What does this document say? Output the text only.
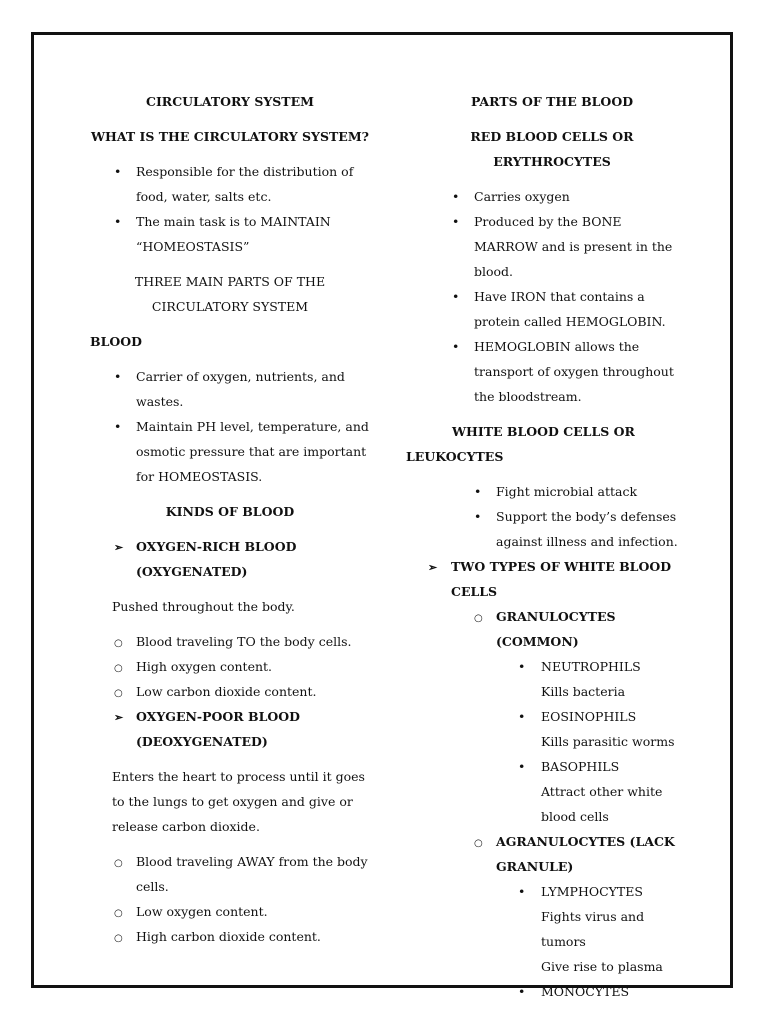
CIRCULATORY SYSTEM
WHAT IS THE CIRCULATORY SYSTEM?
•
Responsible for the distribution of food, water, salts etc.
•
The main task is to MAINTAIN “HOMEOSTASIS”
THREE MAIN PARTS OF THE CIRCULATORY SYSTEM
BLOOD
•
Carrier of oxygen, nutrients, and wastes.
•
Maintain PH level, temperature, and osmotic pressure that are important for HOMEOSTASIS.
KINDS OF BLOOD
➢
OXYGEN-RICH BLOOD (OXYGENATED)
Pushed throughout the body.
○
Blood traveling TO the body cells.
○
High oxygen content.
○
Low carbon dioxide content.
➢
OXYGEN-POOR BLOOD (DEOXYGENATED)
Enters the heart to process until it goes to the lungs to get oxygen and give or release carbon dioxide.
○
Blood traveling AWAY from the body cells.
○
Low oxygen content.
○
High carbon dioxide content.
PARTS OF THE BLOOD
RED BLOOD CELLS OR ERYTHROCYTES
•
Carries oxygen
•
Produced by the BONE MARROW and is present in the blood.
•
Have IRON that contains a protein called HEMOGLOBIN.
•
HEMOGLOBIN allows the transport of oxygen throughout the bloodstream.
WHITE BLOOD CELLS OR
LEUKOCYTES
•
Fight microbial attack
•
Support the body’s defenses against illness and infection.
➢
TWO TYPES OF WHITE BLOOD CELLS
○
GRANULOCYTES (COMMON)
•
NEUTROPHILS
Kills bacteria
•
EOSINOPHILS
Kills parasitic worms
•
BASOPHILS
Attract other white
blood cells
○
AGRANULOCYTES (LACK
GRANULE)
•
LYMPHOCYTES
Fights virus and
tumors
Give rise to plasma
•
MONOCYTES
